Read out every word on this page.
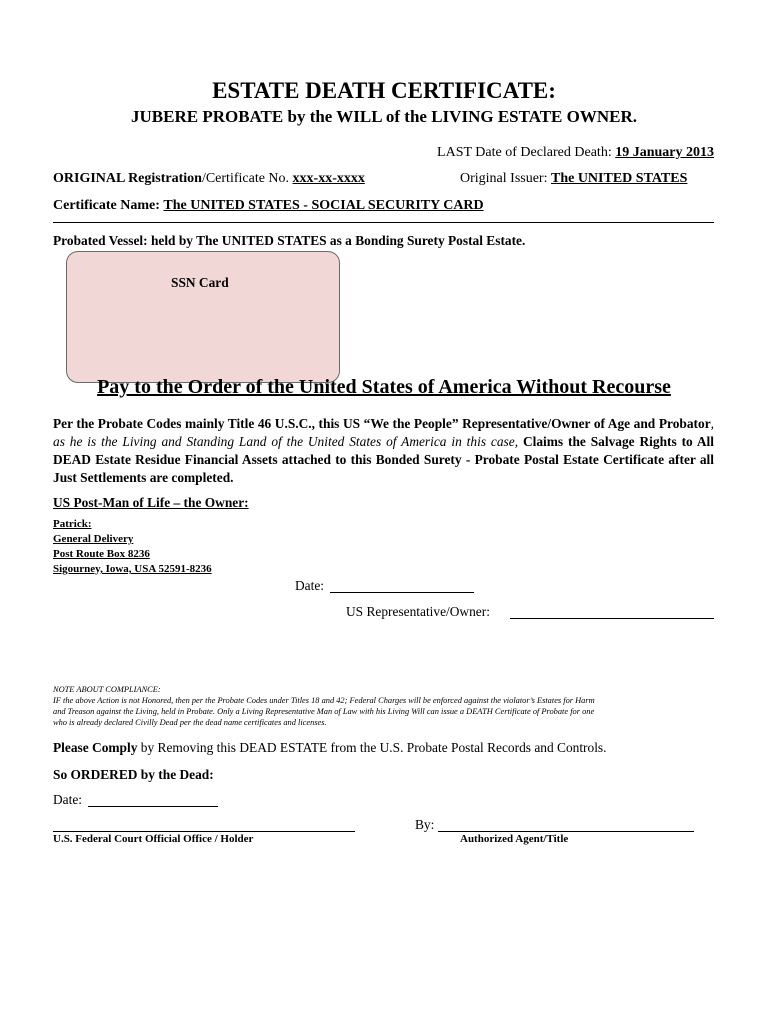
ESTATE DEATH CERTIFICATE:
JUBERE PROBATE by the WILL of the LIVING ESTATE OWNER.
LAST Date of Declared Death: 19 January 2013
ORIGINAL Registration/Certificate No. xxx-xx-xxxx	Original Issuer: The UNITED STATES
Certificate Name: The UNITED STATES - SOCIAL SECURITY CARD
Probated Vessel: held by The UNITED STATES as a Bonding Surety Postal Estate.
SSN Card
Pay to the Order of the United States of America Without Recourse
Per the Probate Codes mainly Title 46 U.S.C., this US “We the People” Representative/Owner of Age and Probator, as he is the Living and Standing Land of the United States of America in this case, Claims the Salvage Rights to All DEAD Estate Residue Financial Assets attached to this Bonded Surety - Probate Postal Estate Certificate after all Just Settlements are completed.
US Post-Man of Life – the Owner:
Patrick:
General Delivery
Post Route Box 8236
Sigourney, Iowa, USA 52591-8236
Date:
US Representative/Owner:
NOTE ABOUT COMPLIANCE:
IF the above Action is not Honored, then per the Probate Codes under Titles 18 and 42; Federal Charges will be enforced against the violator’s Estates for Harm
and Treason against the Living, held in Probate. Only a Living Representative Man of Law with his Living Will can issue a DEATH Certificate of Probate for one
who is already declared Civilly Dead per the dead name certificates and licenses.
Please Comply by Removing this DEAD ESTATE from the U.S. Probate Postal Records and Controls.
So ORDERED by the Dead:
Date:
By:
U.S. Federal Court Official Office / Holder	Authorized Agent/Title
